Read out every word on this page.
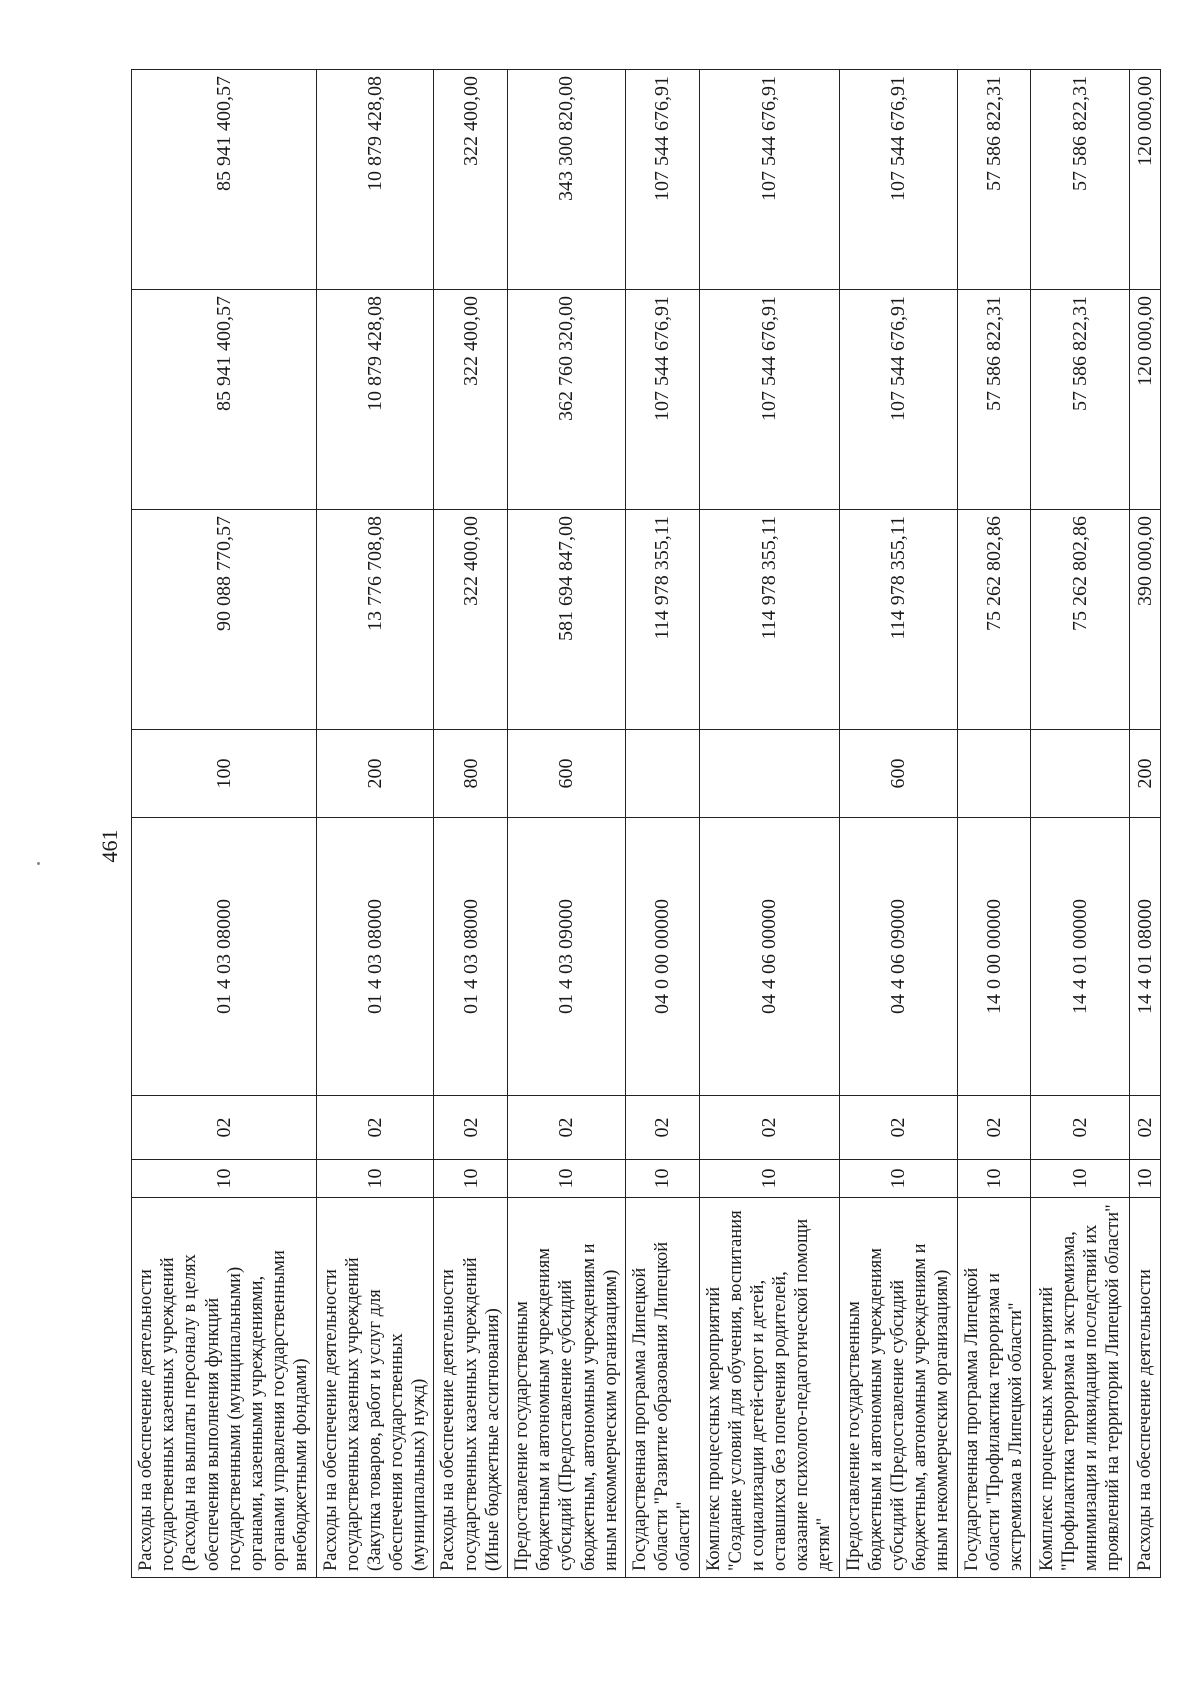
461
Расходы на обеспечение деятельности государственных казенных учреждений (Расходы на выплаты персоналу в целях обеспечения выполнения функций государственными (муниципальными) органами, казенными учреждениями, органами управления государственными внебюджетными фондами)	10	02	01 4 03 08000	100	90 088 770,57	85 941 400,57	85 941 400,57
Расходы на обеспечение деятельности государственных казенных учреждений (Закупка товаров, работ и услуг для обеспечения государственных (муниципальных) нужд)	10	02	01 4 03 08000	200	13 776 708,08	10 879 428,08	10 879 428,08
Расходы на обеспечение деятельности государственных казенных учреждений (Иные бюджетные ассигнования)	10	02	01 4 03 08000	800	322 400,00	322 400,00	322 400,00
Предоставление государственным бюджетным и автономным учреждениям субсидий (Предоставление субсидий бюджетным, автономным учреждениям и иным некоммерческим организациям)	10	02	01 4 03 09000	600	581 694 847,00	362 760 320,00	343 300 820,00
Государственная программа Липецкой области "Развитие образования Липецкой области"	10	02	04 0 00 00000		114 978 355,11	107 544 676,91	107 544 676,91
Комплекс процессных мероприятий "Создание условий для обучения, воспитания и социализации детей-сирот и детей, оставшихся без попечения родителей, оказание психолого-педагогической помощи детям"	10	02	04 4 06 00000		114 978 355,11	107 544 676,91	107 544 676,91
Предоставление государственным бюджетным и автономным учреждениям субсидий (Предоставление субсидий бюджетным, автономным учреждениям и иным некоммерческим организациям)	10	02	04 4 06 09000	600	114 978 355,11	107 544 676,91	107 544 676,91
Государственная программа Липецкой области "Профилактика терроризма и экстремизма в Липецкой области"	10	02	14 0 00 00000		75 262 802,86	57 586 822,31	57 586 822,31
Комплекс процессных мероприятий "Профилактика терроризма и экстремизма, минимизация и ликвидация последствий их проявлений на территории Липецкой области"	10	02	14 4 01 00000		75 262 802,86	57 586 822,31	57 586 822,31
Расходы на обеспечение деятельности	10	02	14 4 01 08000	200	390 000,00	120 000,00	120 000,00
